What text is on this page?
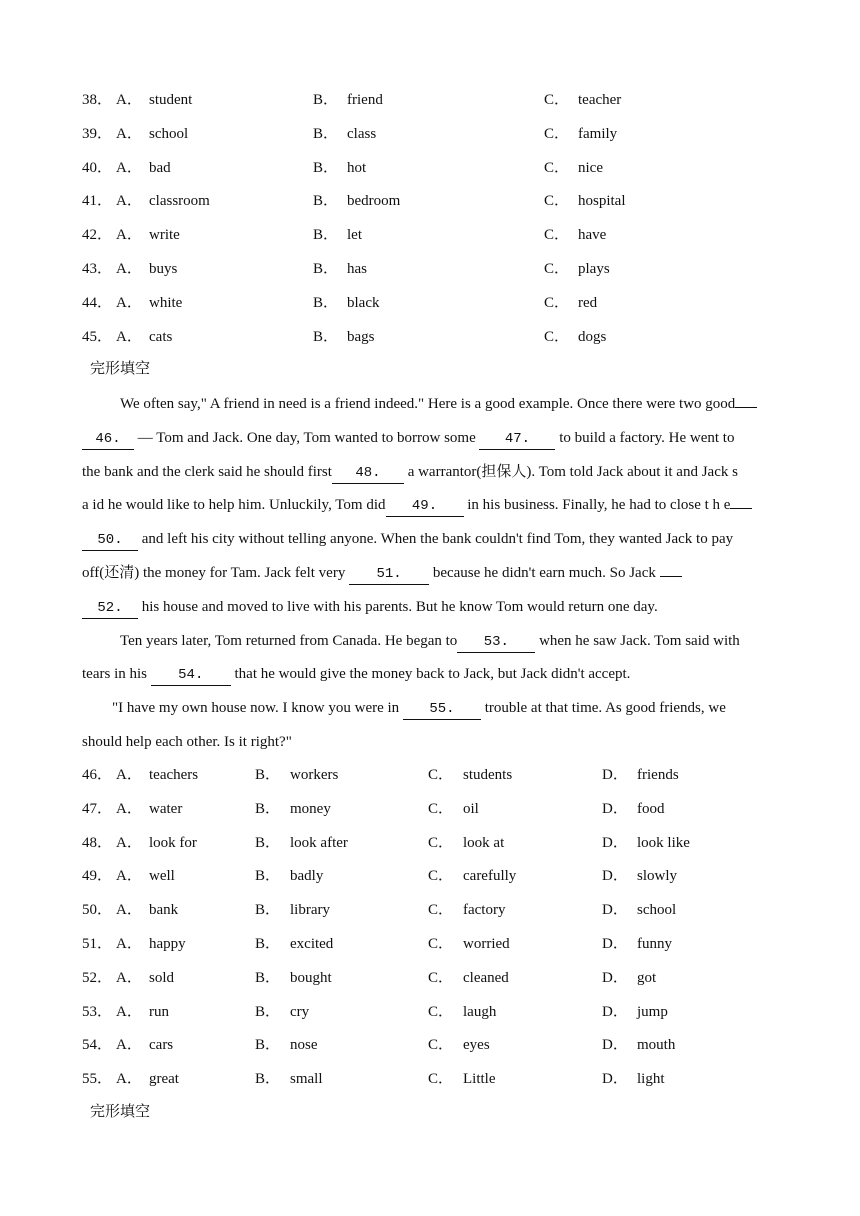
38． A． student	B． friend	C． teacher
39． A． school	B． class	C． family
40． A． bad	B． hot	C． nice
41． A． classroom	B． bedroom	C． hospital
42． A． write	B． let	C． have
43． A． buys	B． has	C． plays
44． A． white	B． black	C． red
45． A． cats	B． bags	C． dogs
完形填空
We often say," A friend in need is a friend indeed." Here is a good example. Once there were two good
46. — Tom and Jack. One day, Tom wanted to borrow some 47. to build a factory. He went to
the bank and the clerk said he should first 48. a warrantor(担保人). Tom told Jack about it and Jack s
a id he would like to help him. Unluckily, Tom did 49. in his business. Finally, he had to close t h e
50. and left his city without telling anyone. When the bank couldn't find Tom, they wanted Jack to pay
off(还清) the money for Tam. Jack felt very 51. because he didn't earn much. So Jack
52. his house and moved to live with his parents. But he know Tom would return one day.
Ten years later, Tom returned from Canada. He began to 53. when he saw Jack. Tom said with
tears in his 54. that he would give the money back to Jack, but Jack didn't accept.
"I have my own house now. I know you were in 55. trouble at that time. As good friends, we
should help each other. Is it right?"
46． A． teachers	B． workers	C． students	D． friends
47． A． water	B． money	C． oil	D． food
48． A． look for	B． look after	C． look at	D． look like
49． A． well	B． badly	C． carefully	D． slowly
50． A． bank	B． library	C． factory	D． school
51． A． happy	B． excited	C． worried	D． funny
52． A． sold	B． bought	C． cleaned	D． got
53． A． run	B． cry	C． laugh	D． jump
54． A． cars	B． nose	C． eyes	D． mouth
55． A． great	B． small	C． Little	D． light
完形填空
